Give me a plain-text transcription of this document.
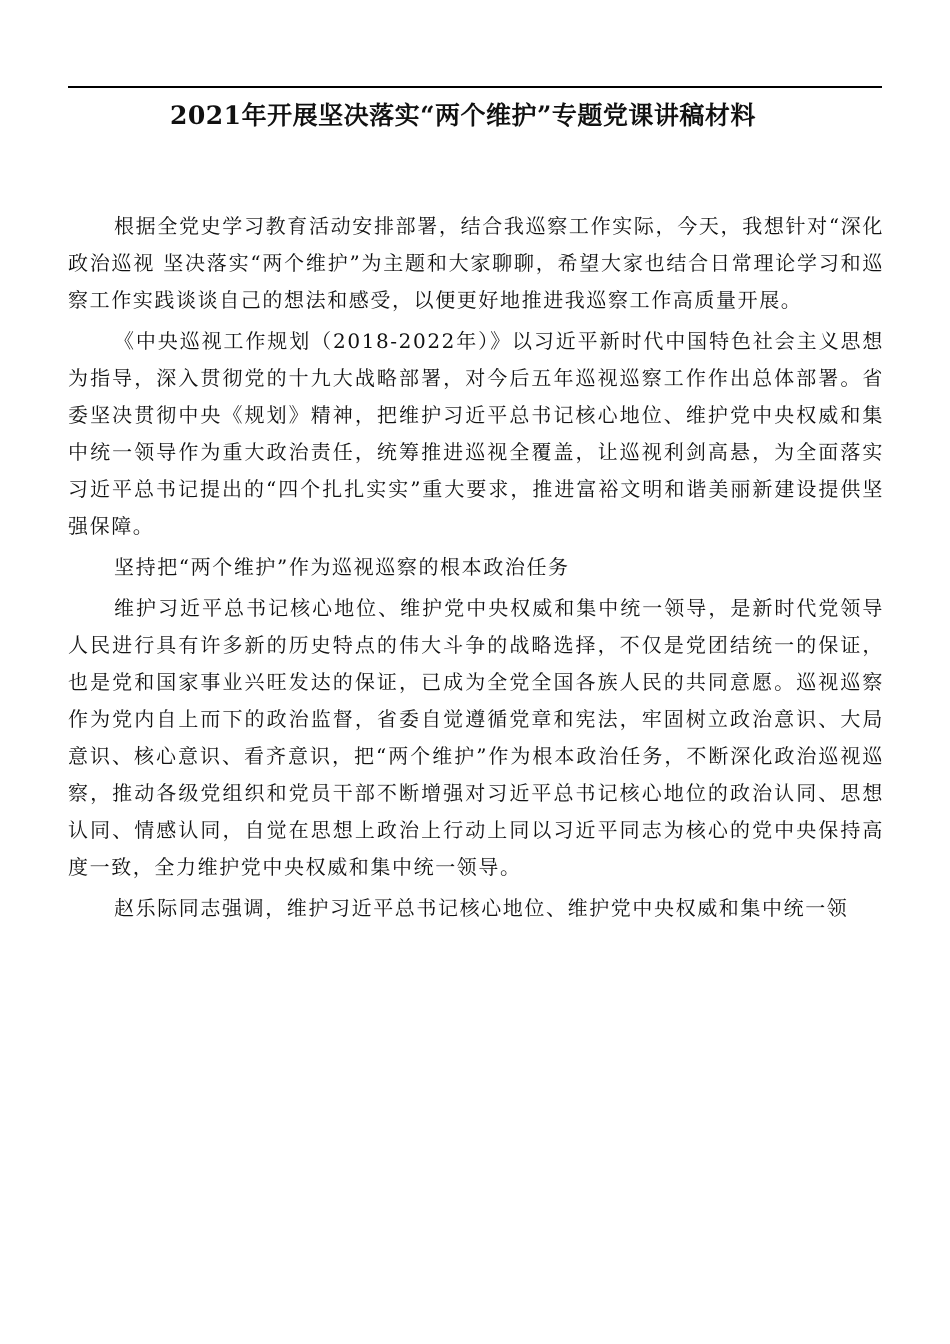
2021年开展坚决落实“两个维护”专题党课讲稿材料

根据全党史学习教育活动安排部署，结合我巡察工作实际，今天，我想针对“深化政治巡视 坚决落实“两个维护”为主题和大家聊聊，希望大家也结合日常理论学习和巡察工作实践谈谈自己的想法和感受，以便更好地推进我巡察工作高质量开展。

《中央巡视工作规划（2018-2022年）》以习近平新时代中国特色社会主义思想为指导，深入贯彻党的十九大战略部署，对今后五年巡视巡察工作作出总体部署。省委坚决贯彻中央《规划》精神，把维护习近平总书记核心地位、维护党中央权威和集中统一领导作为重大政治责任，统筹推进巡视全覆盖，让巡视利剑高悬，为全面落实习近平总书记提出的“四个扎扎实实”重大要求，推进富裕文明和谐美丽新建设提供坚强保障。

坚持把“两个维护”作为巡视巡察的根本政治任务

维护习近平总书记核心地位、维护党中央权威和集中统一领导，是新时代党领导人民进行具有许多新的历史特点的伟大斗争的战略选择，不仅是党团结统一的保证，也是党和国家事业兴旺发达的保证，已成为全党全国各族人民的共同意愿。巡视巡察作为党内自上而下的政治监督，省委自觉遵循党章和宪法，牢固树立政治意识、大局意识、核心意识、看齐意识，把“两个维护”作为根本政治任务，不断深化政治巡视巡察，推动各级党组织和党员干部不断增强对习近平总书记核心地位的政治认同、思想认同、情感认同，自觉在思想上政治上行动上同以习近平同志为核心的党中央保持高度一致，全力维护党中央权威和集中统一领导。

赵乐际同志强调，维护习近平总书记核心地位、维护党中央权威和集中统一领
